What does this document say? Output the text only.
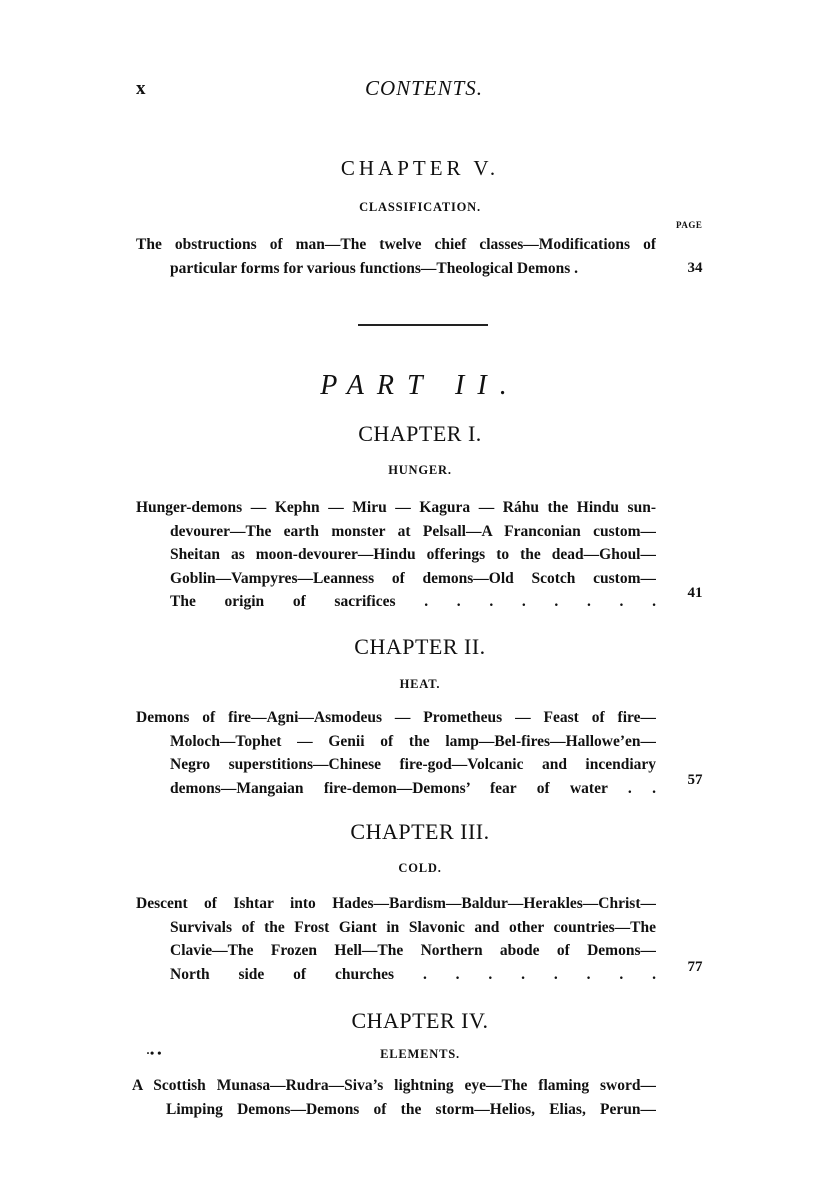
x	CONTENTS.
CHAPTER V.
CLASSIFICATION.
PAGE
The obstructions of man—The twelve chief classes—Modifications of
particular forms for various functions—Theological Demons .	34
PART II.
CHAPTER I.
HUNGER.
Hunger-demons — Kephn — Miru — Kagura — Ráhu the Hindu sun-
devourer—The earth monster at Pelsall—A Franconian custom—
Sheitan as moon-devourer—Hindu offerings to the dead—Ghoul—
Goblin—Vampyres—Leanness of demons—Old Scotch custom—
The origin of sacrifices . . . . . . . .	41
CHAPTER II.
HEAT.
Demons of fire—Agni—Asmodeus — Prometheus — Feast of fire—
Moloch—Tophet — Genii of the lamp—Bel-fires—Hallowe’en—
Negro superstitions—Chinese fire-god—Volcanic and incendiary
demons—Mangaian fire-demon—Demons’ fear of water . .	57
CHAPTER III.
COLD.
Descent of Ishtar into Hades—Bardism—Baldur—Herakles—Christ—
Survivals of the Frost Giant in Slavonic and other countries—The
Clavie—The Frozen Hell—The Northern abode of Demons—
North side of churches . . . . . . . .	77
CHAPTER IV.
·• •	ELEMENTS.
A Scottish Munasa—Rudra—Siva’s lightning eye—The flaming sword—
Limping Demons—Demons of the storm—Helios, Elias, Perun—
